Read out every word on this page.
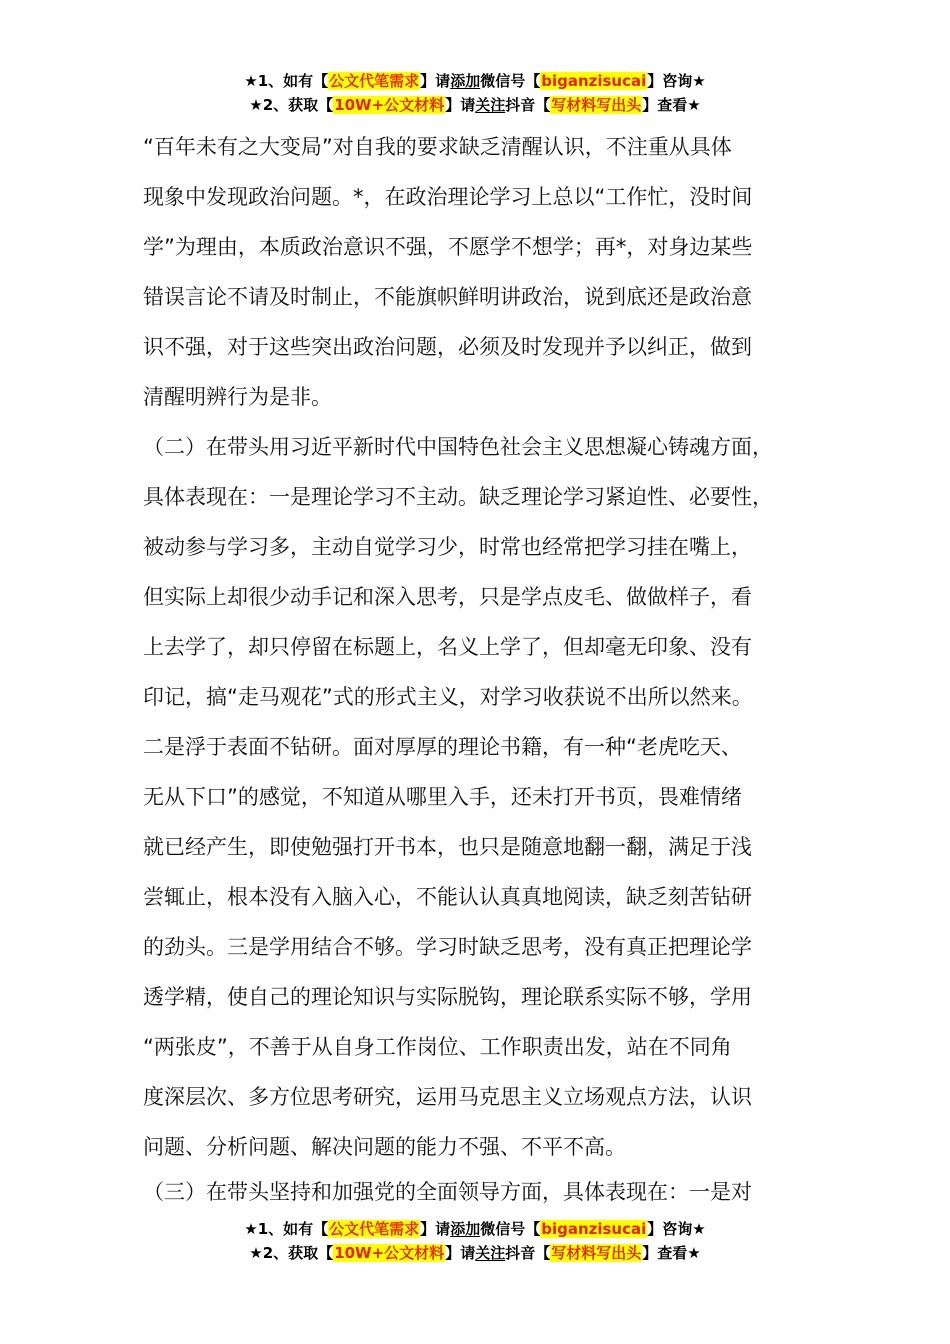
★1、如有【公文代笔需求】请添加微信号【biganzisucai】咨询★
★2、获取【10W+公文材料】请关注抖音【写材料写出头】查看★
“百年未有之大变局”对自我的要求缺乏清醒认识，不注重从具体
现象中发现政治问题。*，在政治理论学习上总以“工作忙，没时间
学”为理由，本质政治意识不强，不愿学不想学；再*，对身边某些
错误言论不请及时制止，不能旗帜鲜明讲政治，说到底还是政治意
识不强，对于这些突出政治问题，必须及时发现并予以纠正，做到
清醒明辨行为是非。
（二）在带头用习近平新时代中国特色社会主义思想凝心铸魂方面，
具体表现在：一是理论学习不主动。缺乏理论学习紧迫性、必要性，
被动参与学习多，主动自觉学习少，时常也经常把学习挂在嘴上，
但实际上却很少动手记和深入思考，只是学点皮毛、做做样子，看
上去学了，却只停留在标题上，名义上学了，但却毫无印象、没有
印记，搞“走马观花”式的形式主义，对学习收获说不出所以然来。
二是浮于表面不钻研。面对厚厚的理论书籍，有一种“老虎吃天、
无从下口”的感觉，不知道从哪里入手，还未打开书页，畏难情绪
就已经产生，即使勉强打开书本，也只是随意地翻一翻，满足于浅
尝辄止，根本没有入脑入心，不能认认真真地阅读，缺乏刻苦钻研
的劲头。三是学用结合不够。学习时缺乏思考，没有真正把理论学
透学精，使自己的理论知识与实际脱钩，理论联系实际不够，学用
“两张皮”，不善于从自身工作岗位、工作职责出发，站在不同角
度深层次、多方位思考研究，运用马克思主义立场观点方法，认识
问题、分析问题、解决问题的能力不强、不平不高。
（三）在带头坚持和加强党的全面领导方面，具体表现在：一是对
★1、如有【公文代笔需求】请添加微信号【biganzisucai】咨询★
★2、获取【10W+公文材料】请关注抖音【写材料写出头】查看★
